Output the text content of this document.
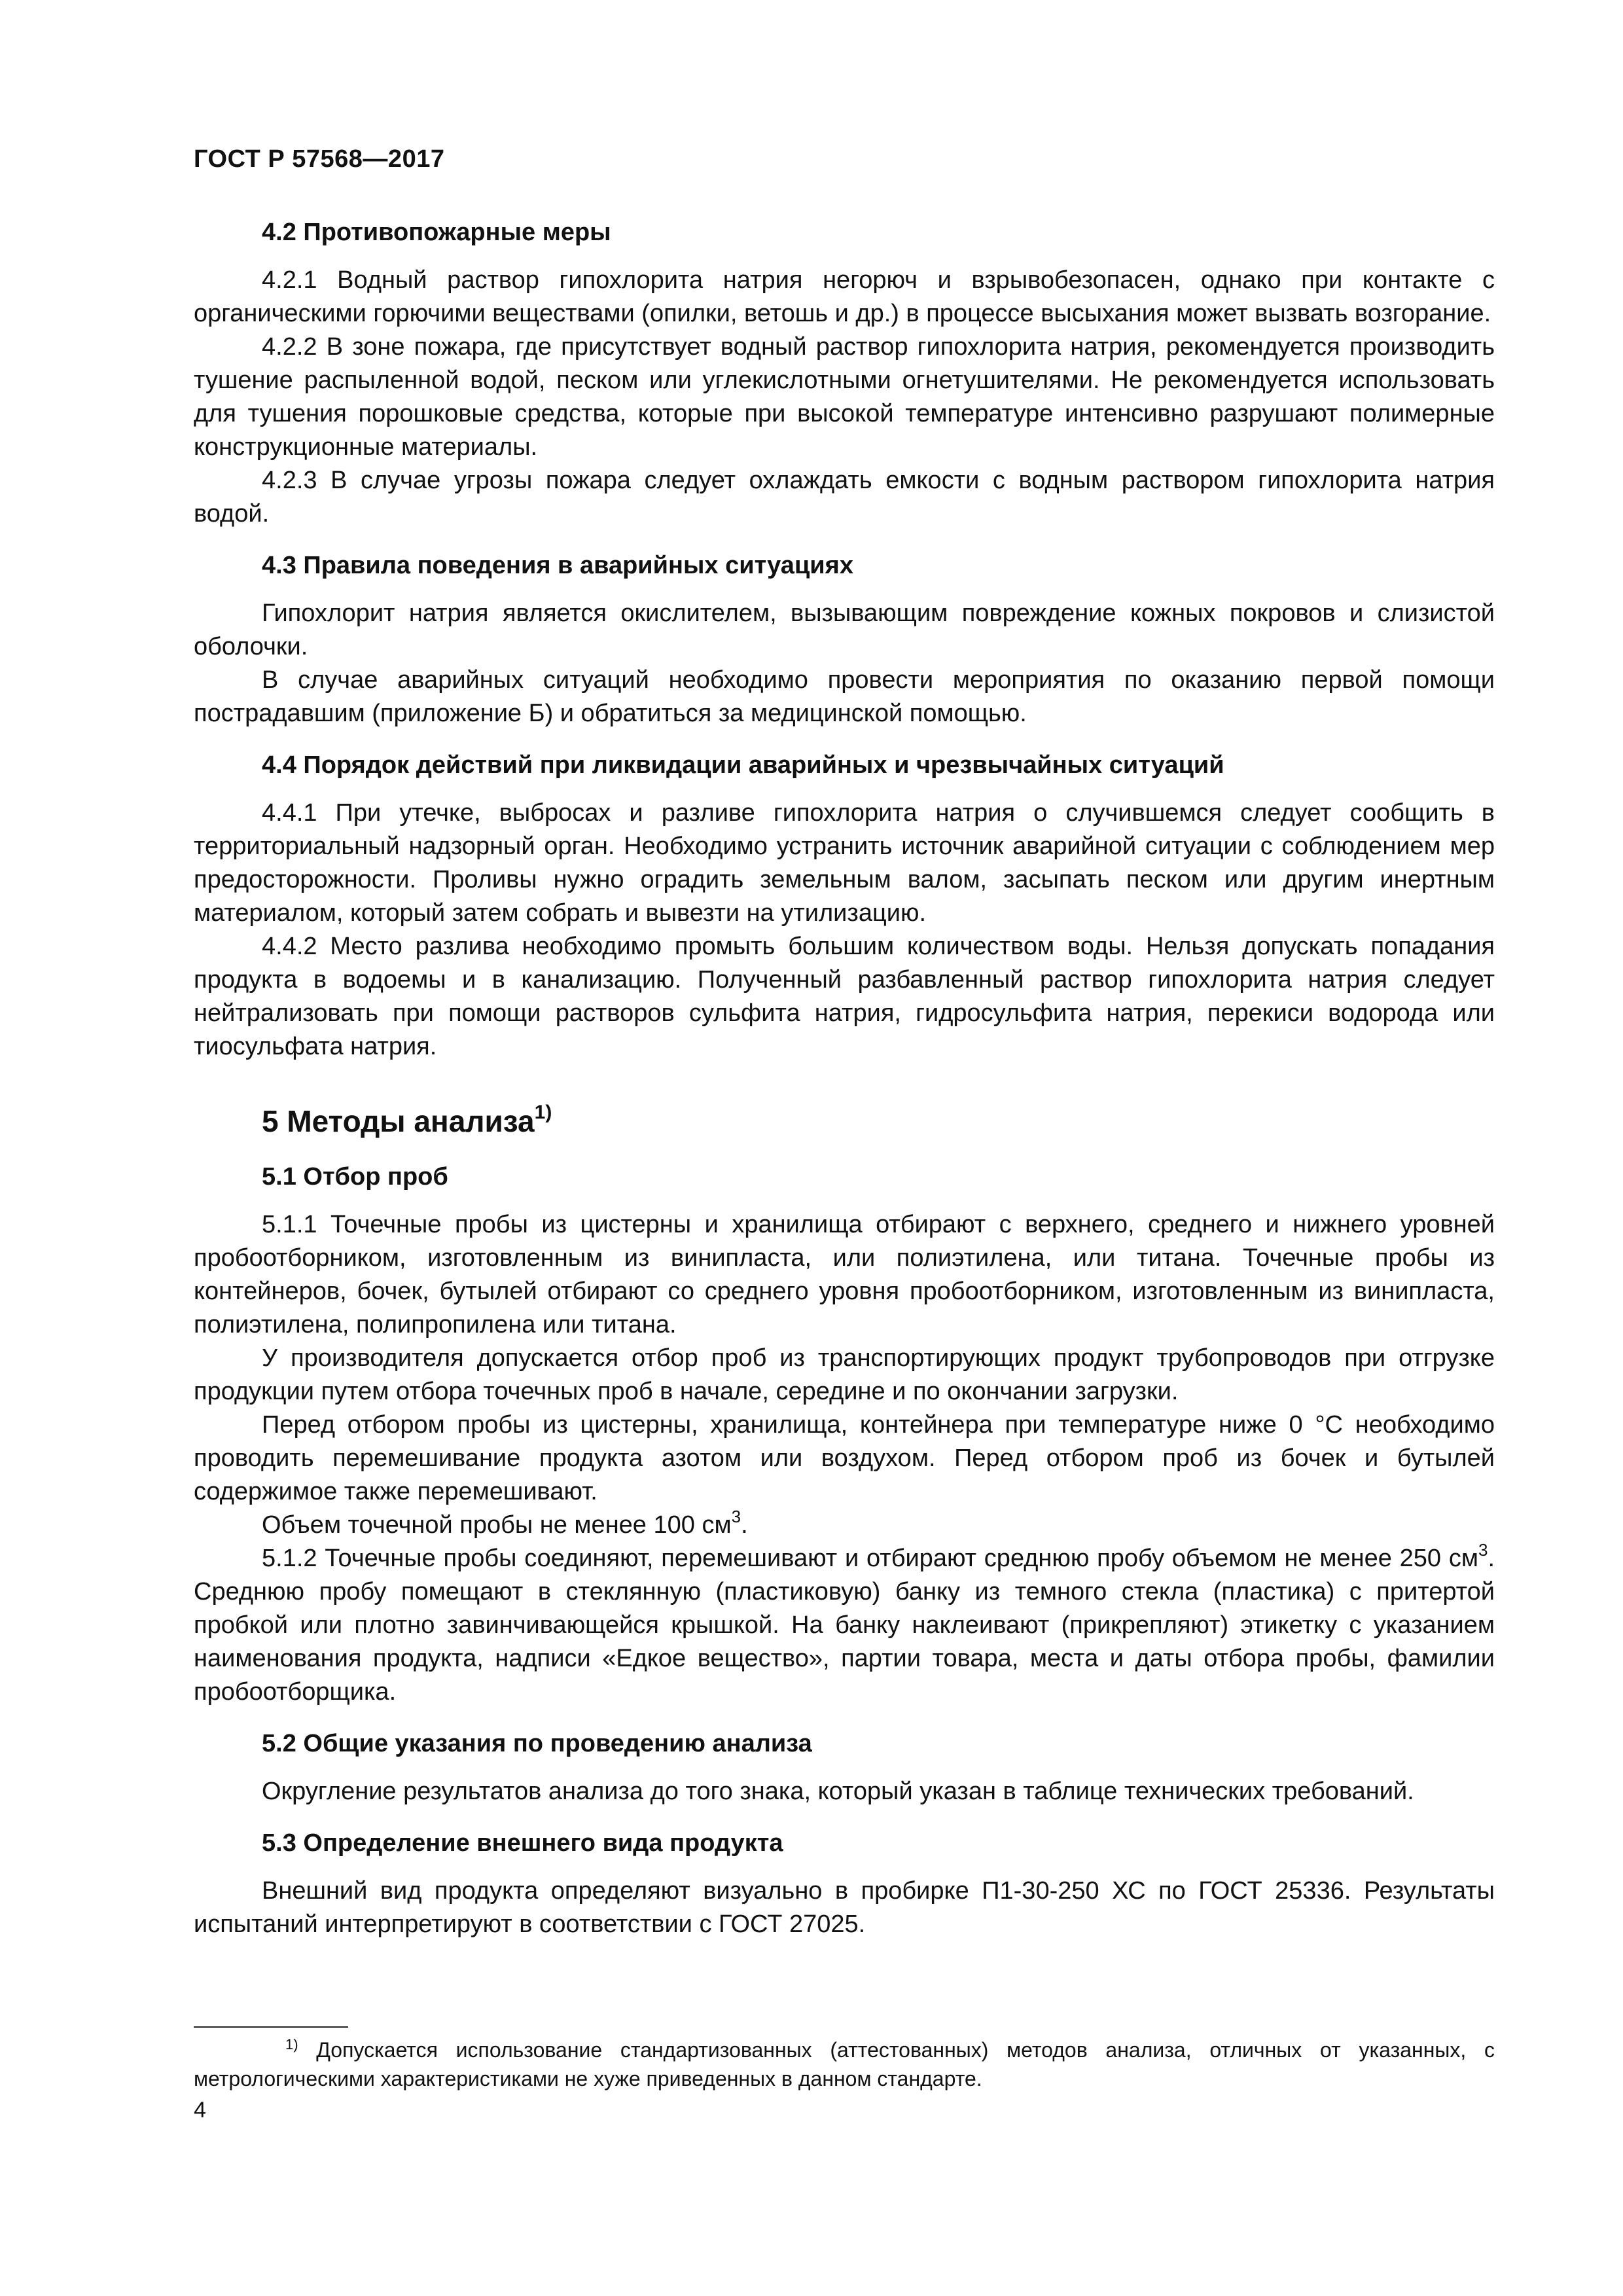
ГОСТ Р 57568—2017
4.2 Противопожарные меры

4.2.1 Водный раствор гипохлорита натрия негорюч и взрывобезопасен, однако при контакте с органическими горючими веществами (опилки, ветошь и др.) в процессе высыхания может вызвать возгорание.

4.2.2 В зоне пожара, где присутствует водный раствор гипохлорита натрия, рекомендуется производить тушение распыленной водой, песком или углекислотными огнетушителями. Не рекомендуется использовать для тушения порошковые средства, которые при высокой температуре интенсивно разрушают полимерные конструкционные материалы.

4.2.3 В случае угрозы пожара следует охлаждать емкости с водным раствором гипохлорита натрия водой.

4.3 Правила поведения в аварийных ситуациях

Гипохлорит натрия является окислителем, вызывающим повреждение кожных покровов и слизистой оболочки.

В случае аварийных ситуаций необходимо провести мероприятия по оказанию первой помощи пострадавшим (приложение Б) и обратиться за медицинской помощью.

4.4 Порядок действий при ликвидации аварийных и чрезвычайных ситуаций

4.4.1 При утечке, выбросах и разливе гипохлорита натрия о случившемся следует сообщить в территориальный надзорный орган. Необходимо устранить источник аварийной ситуации с соблюдением мер предосторожности. Проливы нужно оградить земельным валом, засыпать песком или другим инертным материалом, который затем собрать и вывезти на утилизацию.

4.4.2 Место разлива необходимо промыть большим количеством воды. Нельзя допускать попадания продукта в водоемы и в канализацию. Полученный разбавленный раствор гипохлорита натрия следует нейтрализовать при помощи растворов сульфита натрия, гидросульфита натрия, перекиси водорода или тиосульфата натрия.

5 Методы анализа$^{1)}$
5.1 Отбор проб

5.1.1 Точечные пробы из цистерны и хранилища отбирают с верхнего, среднего и нижнего уровней пробоотборником, изготовленным из винипласта, или полиэтилена, или титана. Точечные пробы из контейнеров, бочек, бутылей отбирают со среднего уровня пробоотборником, изготовленным из винипласта, полиэтилена, полипропилена или титана.

У производителя допускается отбор проб из транспортирующих продукт трубопроводов при отгрузке продукции путем отбора точечных проб в начале, середине и по окончании загрузки.

Перед отбором пробы из цистерны, хранилища, контейнера при температуре ниже 0 °С необходимо проводить перемешивание продукта азотом или воздухом. Перед отбором проб из бочек и бутылей содержимое также перемешивают.

Объем точечной пробы не менее 100 $см^3$.

5.1.2 Точечные пробы соединяют, перемешивают и отбирают среднюю пробу объемом не менее 250 $см^3$. Среднюю пробу помещают в стеклянную (пластиковую) банку из темного стекла (пластика) с притертой пробкой или плотно завинчивающейся крышкой. На банку наклеивают (прикрепляют) этикетку с указанием наименования продукта, надписи «Едкое вещество», партии товара, места и даты отбора пробы, фамилии пробоотборщика.

5.2 Общие указания по проведению анализа

Округление результатов анализа до того знака, который указан в таблице технических требований.

5.3 Определение внешнего вида продукта

Внешний вид продукта определяют визуально в пробирке П1-30-250 ХС по ГОСТ 25336. Результаты испытаний интерпретируют в соответствии с ГОСТ 27025.

$^{1)}$ Допускается использование стандартизованных (аттестованных) методов анализа, отличных от указанных, с метрологическими характеристиками не хуже приведенных в данном стандарте.
4
